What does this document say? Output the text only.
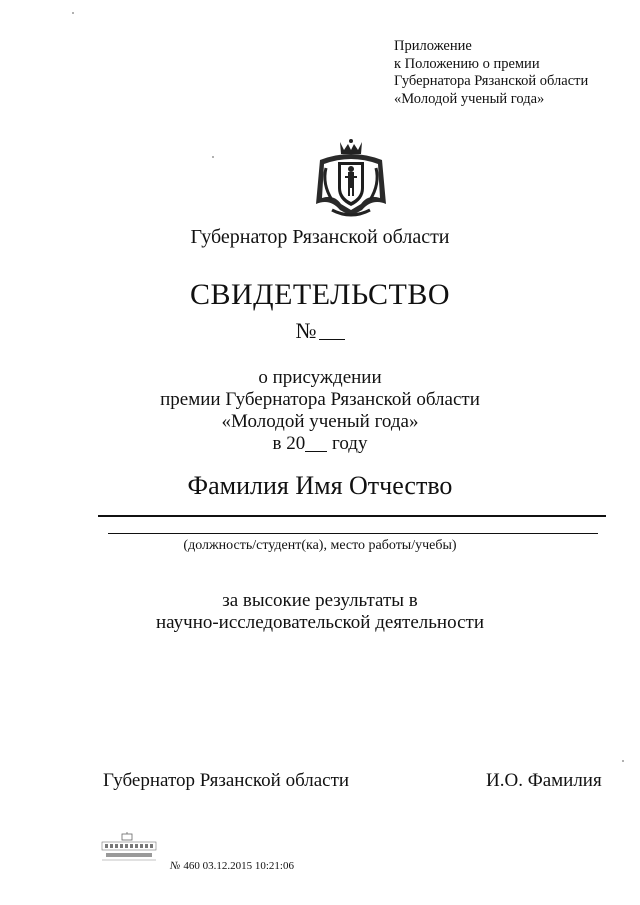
Приложение
к Положению о премии
Губернатора Рязанской области
«Молодой ученый года»
Губернатор Рязанской области
СВИДЕТЕЛЬСТВО
№
о присуждении
премии Губернатора Рязанской области
«Молодой ученый года»
в 20 году
Фамилия Имя Отчество
(должность/студент(ка), место работы/учебы)
за высокие результаты в
научно-исследовательской деятельности
Губернатор Рязанской области	И.О. Фамилия
№ 460 03.12.2015 10:21:06
